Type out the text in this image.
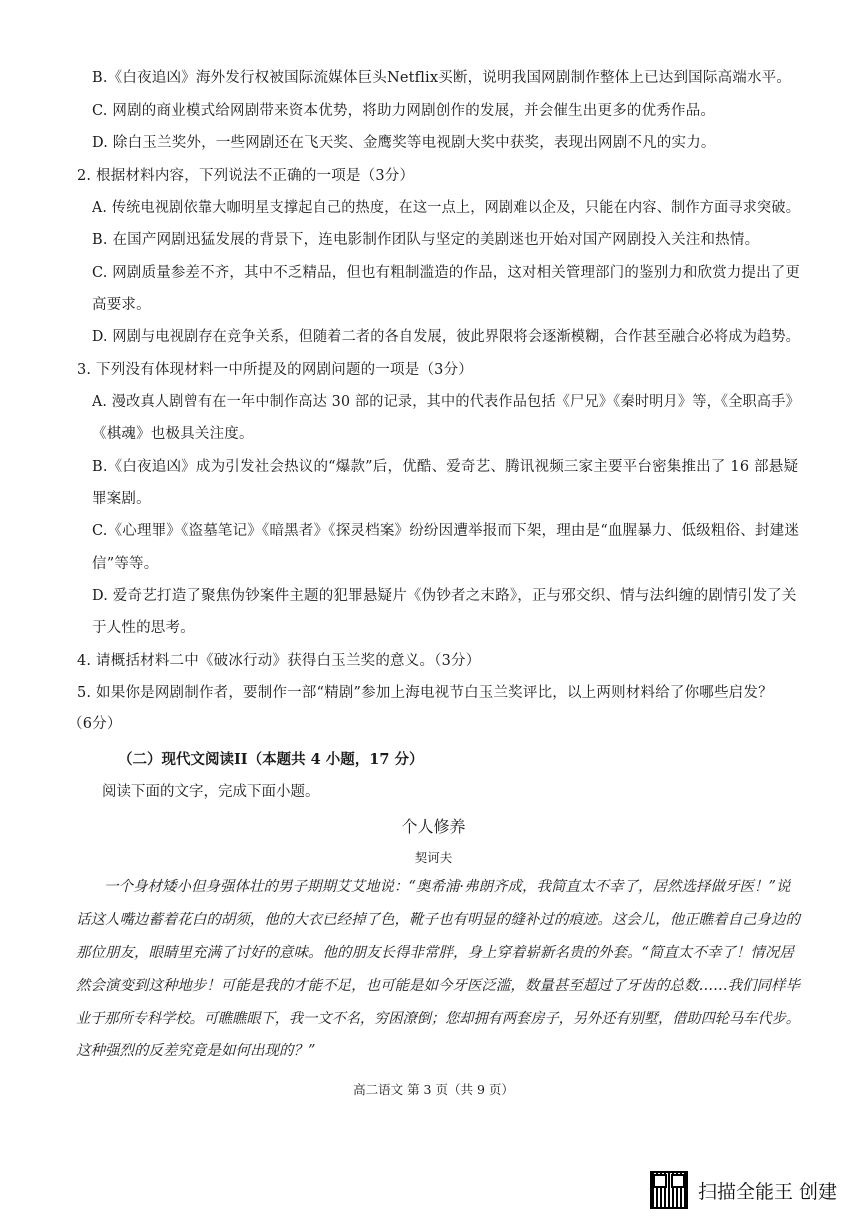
B.《白夜追凶》海外发行权被国际流媒体巨头Netflix买断，说明我国网剧制作整体上已达到国际高端水平。
C. 网剧的商业模式给网剧带来资本优势，将助力网剧创作的发展，并会催生出更多的优秀作品。
D. 除白玉兰奖外，一些网剧还在飞天奖、金鹰奖等电视剧大奖中获奖，表现出网剧不凡的实力。
2. 根据材料内容，下列说法不正确的一项是（3分）
A. 传统电视剧依靠大咖明星支撑起自己的热度，在这一点上，网剧难以企及，只能在内容、制作方面寻求突破。
B. 在国产网剧迅猛发展的背景下，连电影制作团队与坚定的美剧迷也开始对国产网剧投入关注和热情。
C. 网剧质量参差不齐，其中不乏精品，但也有粗制滥造的作品，这对相关管理部门的鉴别力和欣赏力提出了更
高要求。
D. 网剧与电视剧存在竞争关系，但随着二者的各自发展，彼此界限将会逐渐模糊，合作甚至融合必将成为趋势。
3. 下列没有体现材料一中所提及的网剧问题的一项是（3分）
A. 漫改真人剧曾有在一年中制作高达 30 部的记录，其中的代表作品包括《尸兄》《秦时明月》等，《全职高手》
《棋魂》也极具关注度。
B.《白夜追凶》成为引发社会热议的“爆款”后，优酷、爱奇艺、腾讯视频三家主要平台密集推出了 16 部悬疑
罪案剧。
C.《心理罪》《盗墓笔记》《暗黑者》《探灵档案》纷纷因遭举报而下架，理由是“血腥暴力、低级粗俗、封建迷
信”等等。
D. 爱奇艺打造了聚焦伪钞案件主题的犯罪悬疑片《伪钞者之末路》，正与邪交织、情与法纠缠的剧情引发了关
于人性的思考。
4. 请概括材料二中《破冰行动》获得白玉兰奖的意义。（3分）
5. 如果你是网剧制作者，要制作一部“精剧”参加上海电视节白玉兰奖评比，以上两则材料给了你哪些启发？
（6分）
（二）现代文阅读II（本题共 4 小题，17 分）
阅读下面的文字，完成下面小题。
个人修养
契诃夫
一个身材矮小但身强体壮的男子期期艾艾地说：“奥希浦·弗朗齐成，我简直太不幸了，居然选择做牙医！”说
话这人嘴边蓄着花白的胡须，他的大衣已经掉了色，靴子也有明显的缝补过的痕迹。这会儿，他正瞧着自己身边的
那位朋友，眼睛里充满了讨好的意味。他的朋友长得非常胖，身上穿着崭新名贵的外套。“简直太不幸了！情况居
然会演变到这种地步！可能是我的才能不足，也可能是如今牙医泛滥，数量甚至超过了牙齿的总数……我们同样毕
业于那所专科学校。可瞧瞧眼下，我一文不名，穷困潦倒；您却拥有两套房子，另外还有别墅，借助四轮马车代步。
这种强烈的反差究竟是如何出现的？”
高二语文 第 3 页（共 9 页）
扫描全能王 创建
